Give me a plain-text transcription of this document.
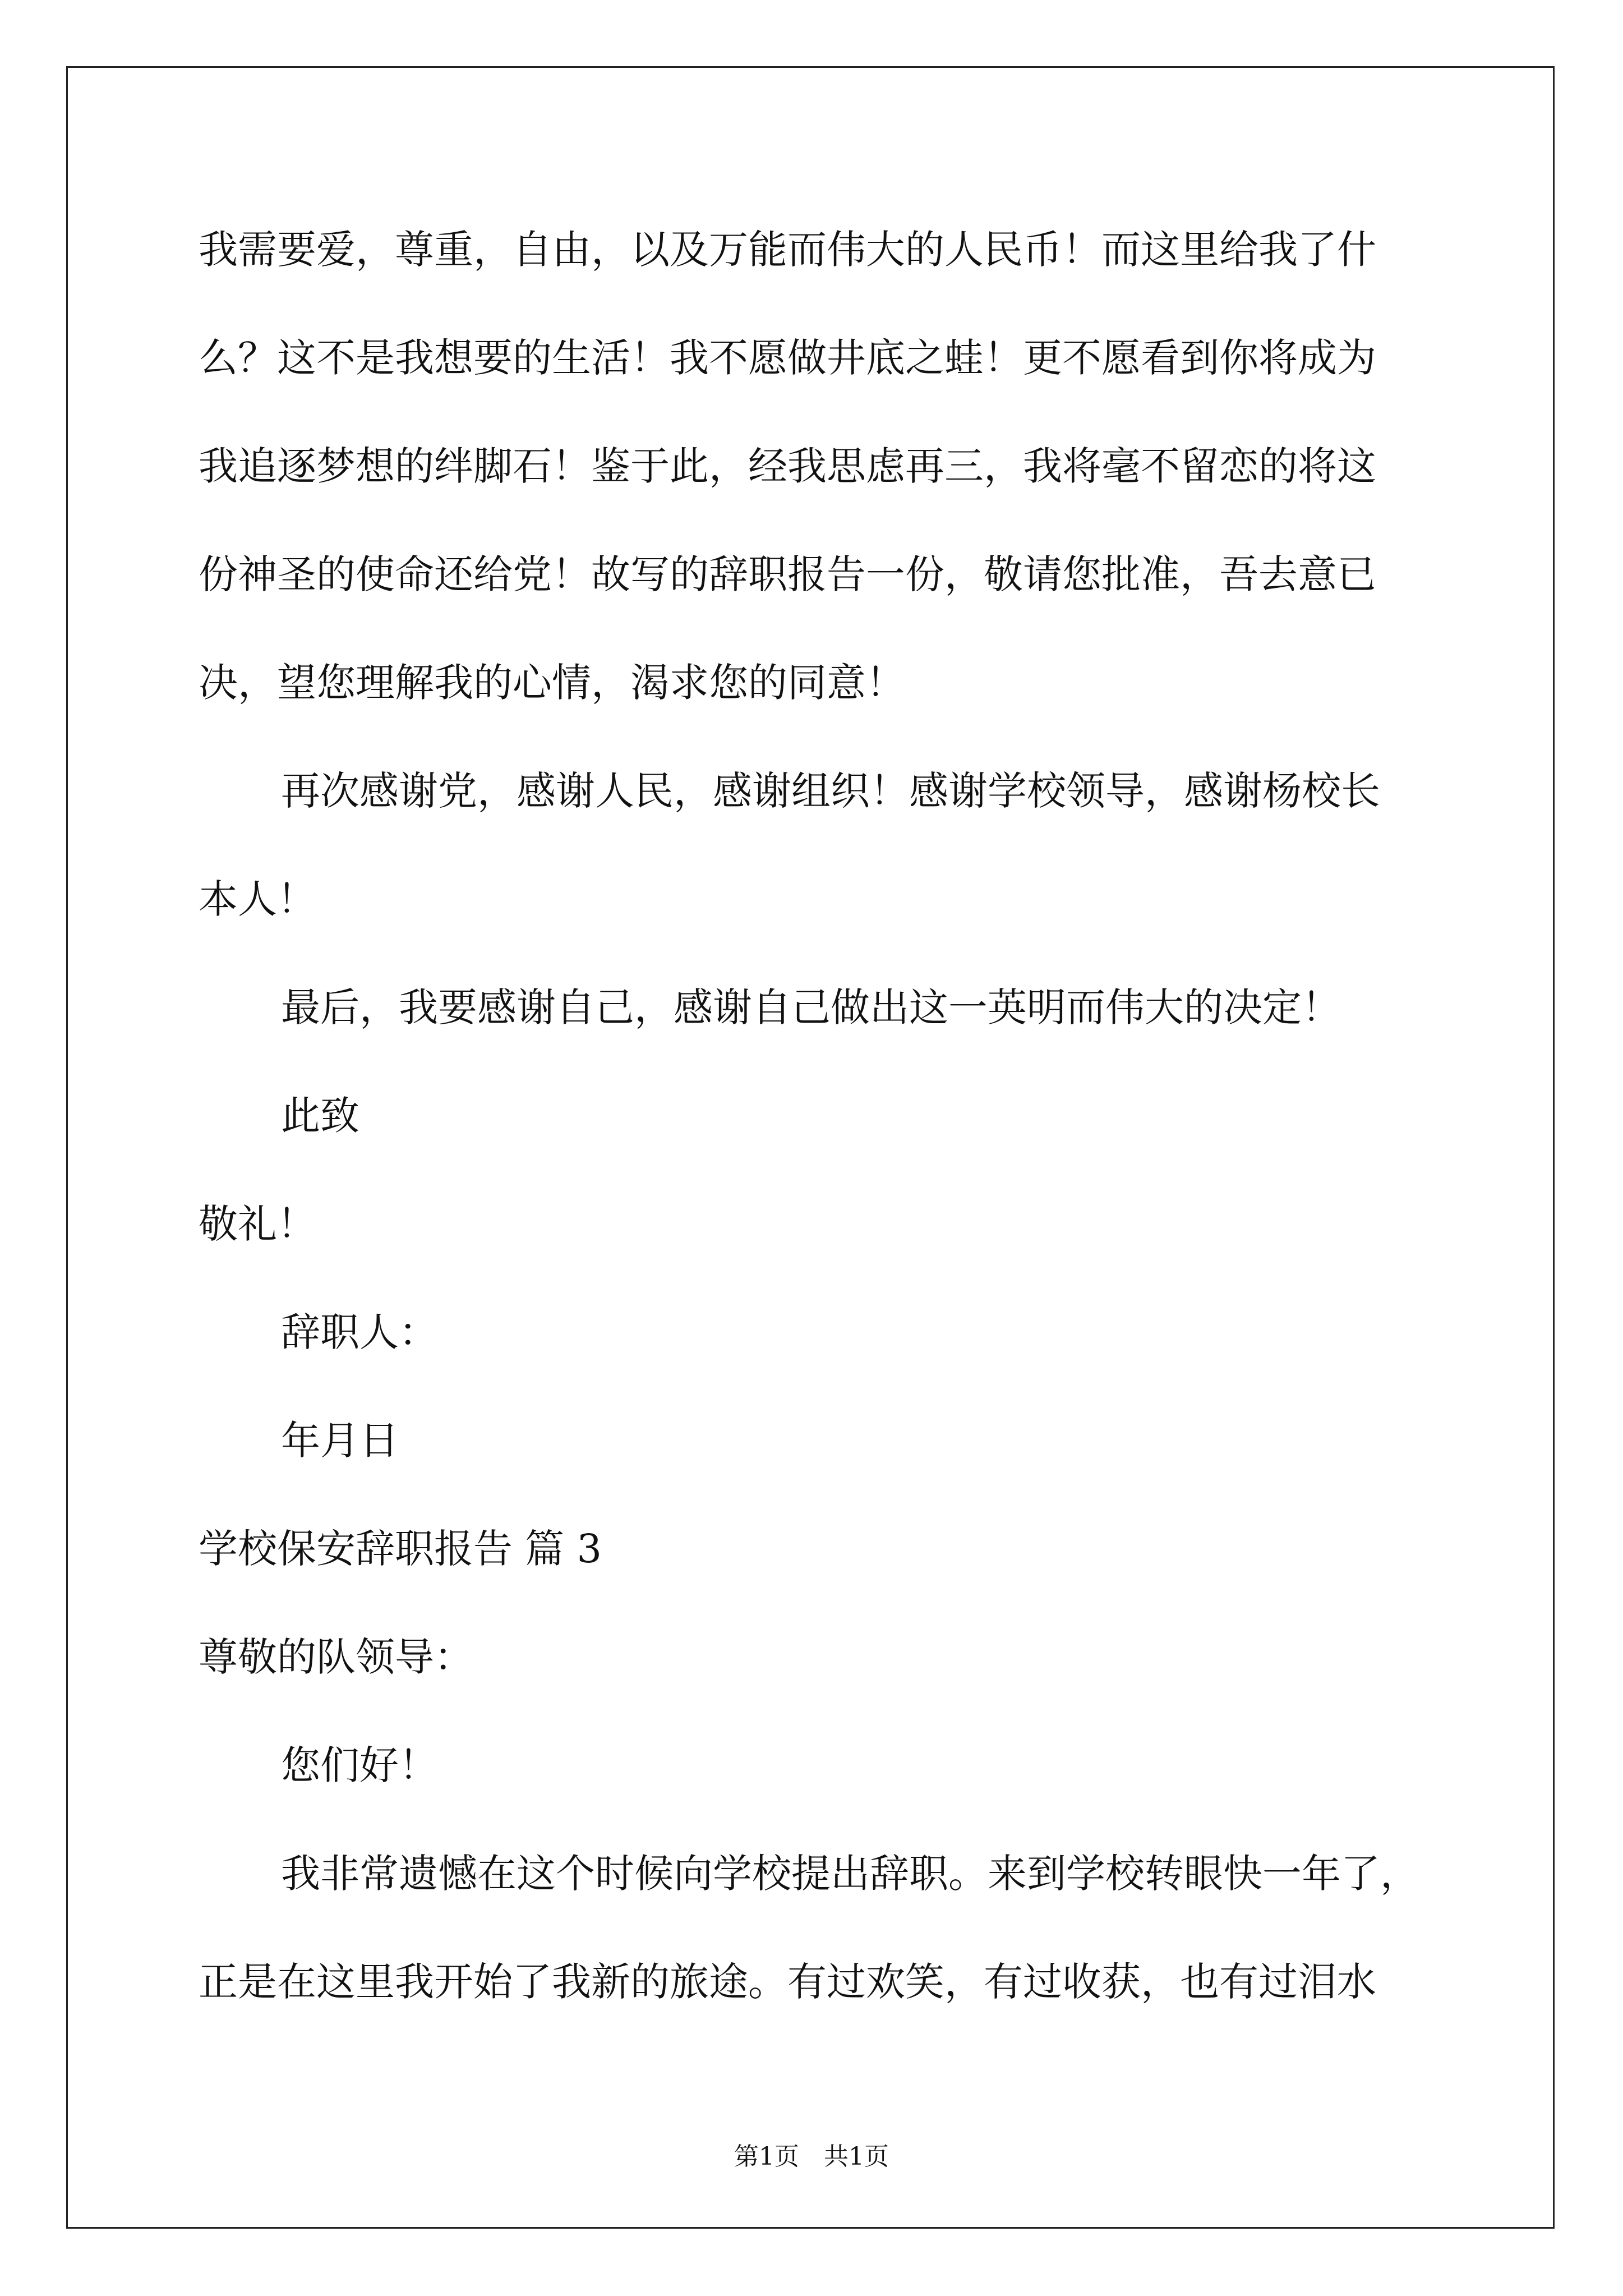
我需要爱，尊重，自由，以及万能而伟大的人民币！而这里给我了什
么？这不是我想要的生活！我不愿做井底之蛙！更不愿看到你将成为
我追逐梦想的绊脚石！鉴于此，经我思虑再三，我将毫不留恋的将这
份神圣的使命还给党！故写的辞职报告一份，敬请您批准，吾去意已
决，望您理解我的心情，渴求您的同意！
再次感谢党，感谢人民，感谢组织！感谢学校领导，感谢杨校长
本人！
最后，我要感谢自己，感谢自己做出这一英明而伟大的决定！
此致
敬礼！
辞职人：
年月日
学校保安辞职报告 篇 3
尊敬的队领导：
您们好！
我非常遗憾在这个时候向学校提出辞职。来到学校转眼快一年了，
正是在这里我开始了我新的旅途。有过欢笑，有过收获，也有过泪水
第1页　共1页
